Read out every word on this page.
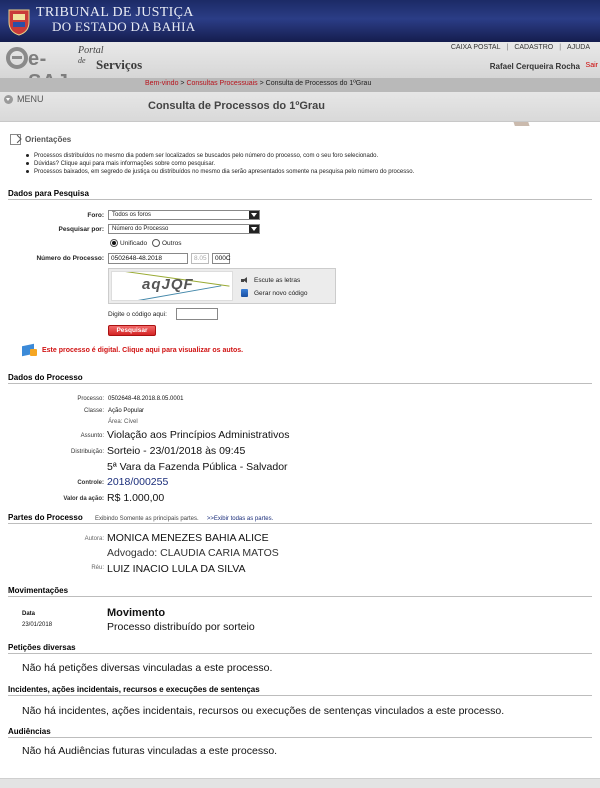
TRIBUNAL DE JUSTIÇA
DO ESTADO DA BAHIA
e-	Portal
de Serviços
CAIXA POSTAL | CADASTRO | AJUDA
Rafael Cerqueira Rocha Sair
Bem-vindo > Consultas Processuais > Consulta de Processos do 1ºGrau
MENU
Consulta de Processos do 1ºGrau
Orientações
Processos distribuídos no mesmo dia podem ser localizados se buscados pelo número do processo, com o seu foro selecionado.
Dúvidas? Clique aqui para mais informações sobre como pesquisar.
Processos baixados, em segredo de justiça ou distribuídos no mesmo dia serão apresentados somente na pesquisa pelo número do processo.
Dados para Pesquisa
Foro:	Todos os foros
Pesquisar por:	Número do Processo
Unificado Outros
Número do Processo:	0502648-48.2018	8.05	000C
aqJQF	Escute as letras
Gerar novo código
Digite o código aqui:
Pesquisar
Este processo é digital. Clique aqui para visualizar os autos.
Dados do Processo
Processo: 0502648-48.2018.8.05.0001
Classe: Ação Popular
Área: Cível
Assunto: Violação aos Princípios Administrativos
Distribuição: Sorteio - 23/01/2018 às 09:45
5ª Vara da Fazenda Pública - Salvador
Controle: 2018/000255
Valor da ação: R$ 1.000,00
Partes do Processo Exibindo Somente as principais partes. >>Exibir todas as partes.
Autora: MONICA MENEZES BAHIA ALICE
Advogado: CLAUDIA CARIA MATOS
Réu: LUIZ INACIO LULA DA SILVA
Movimentações
Data	Movimento
23/01/2018	Processo distribuído por sorteio
Petições diversas
Não há petições diversas vinculadas a este processo.
Incidentes, ações incidentais, recursos e execuções de sentenças
Não há incidentes, ações incidentais, recursos ou execuções de sentenças vinculados a este processo.
Audiências
Não há Audiências futuras vinculadas a este processo.
